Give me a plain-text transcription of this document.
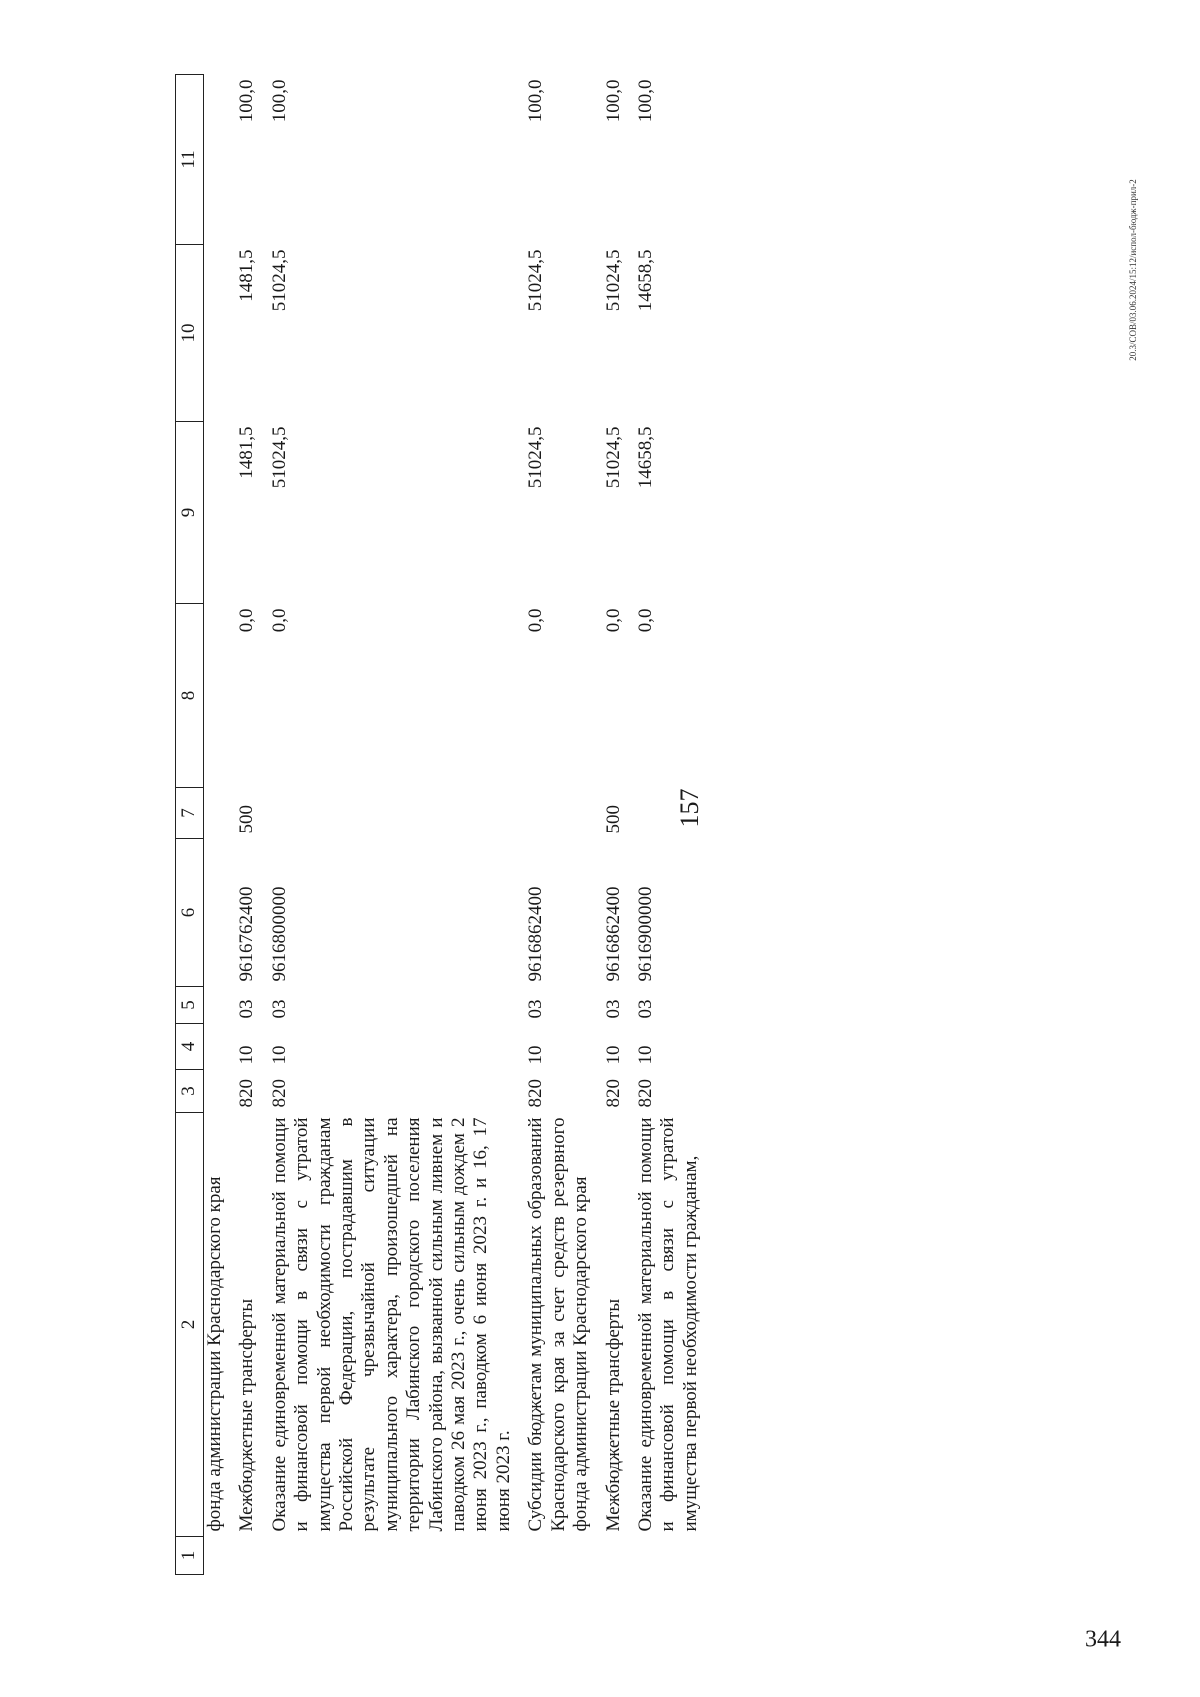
157
20.3/СОВ/03.06.2024/15:12/испол-бюдж-прил-2
344
1	2	3	4	5	6	7	8	9	10	11
	фонда администрации Краснодарского края									
	Межбюджетные трансферты	820	10	03	9616762400	500	0,0	1481,5	1481,5	100,0
	Оказание единовременной материальной помощи и финансовой помощи в связи с утратой имущества первой необходимости гражданам Российской Федерации, пострадавшим в результате чрезвычайной ситуации муниципального характера, произошедшей на территории Лабинского городского поселения Лабинского района, вызванной сильным ливнем и паводком 26 мая 2023 г., очень сильным дождем 2 июня 2023 г., паводком 6 июня 2023 г. и 16, 17 июня 2023 г.	820	10	03	9616800000		0,0	51024,5	51024,5	100,0
	Субсидии бюджетам муниципальных образований Краснодарского края за счет средств резервного фонда администрации Краснодарского края	820	10	03	9616862400		0,0	51024,5	51024,5	100,0
	Межбюджетные трансферты	820	10	03	9616862400	500	0,0	51024,5	51024,5	100,0
	Оказание единовременной материальной помощи и финансовой помощи в связи с утратой имущества первой необходимости гражданам,	820	10	03	9616900000		0,0	14658,5	14658,5	100,0
